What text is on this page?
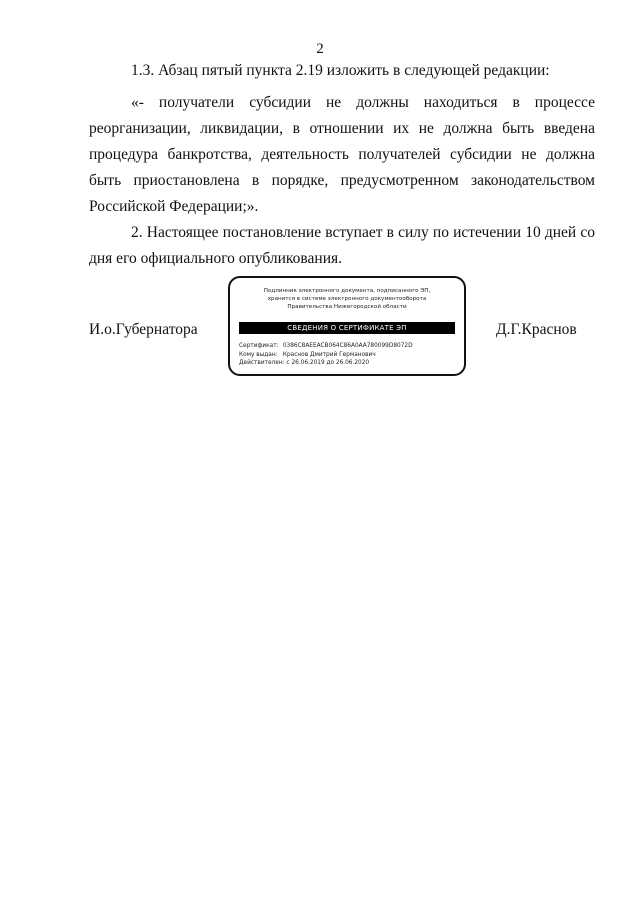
2

1.3. Абзац пятый пункта 2.19 изложить в следующей редакции:

«- получатели субсидии не должны находиться в процессе реорганизации, ликвидации, в отношении их не должна быть введена процедура банкротства, деятельность получателей субсидии не должна быть приостановлена в порядке, предусмотренном законодательством Российской Федерации;».

2. Настоящее постановление вступает в силу по истечении 10 дней со дня его официального опубликования.

И.о.Губернатора
Подлинник электронного документа, подписанного ЭП,
хранится в системе электронного документооборота
Правительства Нижегородской области
СВЕДЕНИЯ О СЕРТИФИКАТЕ ЭП
Сертификат: 0386C8AEEACB064C86A0AA780099D8072D
Кому выдан: Краснов Дмитрий Германович
Действителен: с 26.06.2019 до 26.06.2020
Д.Г.Краснов
